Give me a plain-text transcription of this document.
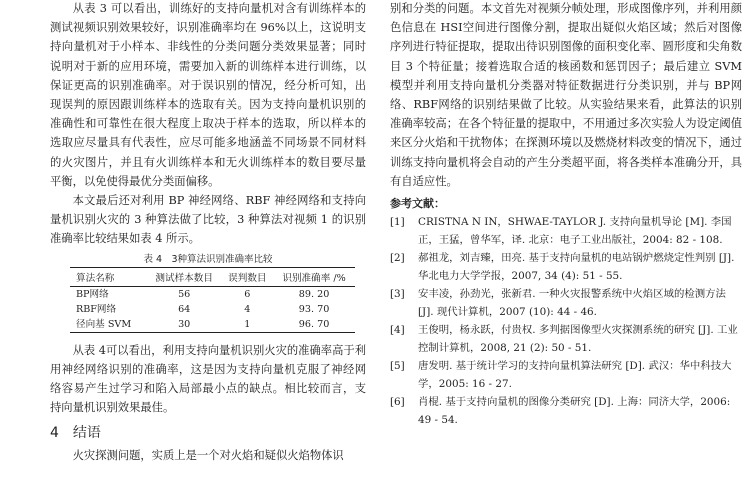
从表 3 可以看出，训练好的支持向量机对含有训练样本的测试视频识别效果较好，识别准确率均在 96%以上，这说明支持向量机对于小样本、非线性的分类问题分类效果显著；同时说明对于新的应用环境，需要加入新的训练样本进行训练，以保证更高的识别准确率。对于误识别的情况，经分析可知，出现误判的原因跟训练样本的选取有关。因为支持向量机识别的准确性和可靠性在很大程度上取决于样本的选取，所以样本的选取应尽量具有代表性，应尽可能多地涵盖不同场景不同材料的火灾图片，并且有火训练样本和无火训练样本的数目要尽量平衡，以免使得最优分类面偏移。

本文最后还对利用 BP 神经网络、RBF 神经网络和支持向量机识别火灾的 3 种算法做了比较，3 种算法对视频 1 的识别准确率比较结果如表 4 所示。

表 4　3种算法识别准确率比较
算法名称	测试样本数目	误判数目	识别准确率 /%
BP网络	56	6	89. 20
RBF网络	64	4	93. 70
径向基 SVM	30	1	96. 70

从表 4可以看出，利用支持向量机识别火灾的准确率高于利用神经网络识别的准确率，这是因为支持向量机克服了神经网络容易产生过学习和陷入局部最小点的缺点。相比较而言，支持向量机识别效果最佳。

4 结语

火灾探测问题，实质上是一个对火焰和疑似火焰物体识

别和分类的问题。本文首先对视频分帧处理，形成图像序列，并利用颜色信息在 HSI空间进行图像分割，提取出疑似火焰区域；然后对图像序列进行特征提取，提取出待识别图像的面积变化率、圆形度和尖角数目 3 个特征量；接着选取合适的核函数和惩罚因子；最后建立 SVM 模型并利用支持向量机分类器对特征数据进行分类识别，并与 BP网络、RBF网络的识别结果做了比较。从实验结果来看，此算法的识别准确率较高；在各个特征量的提取中，不用通过多次实验人为设定阈值来区分火焰和干扰物体；在探测环境以及燃烧材料改变的情况下，通过训练支持向量机将会自动的产生分类超平面，将各类样本准确分开，具有自适应性。

参考文献：
[1]	CRISTNA N IN，SHWAE-TAYLOR J. 支持向量机导论 [M]. 李国正，王猛，曾华军，译. 北京：电子工业出版社，2004: 82 - 108.
[2]	郝祖龙，刘吉臻，田亮. 基于支持向量机的电站锅炉燃烧定性判别 [J]. 华北电力大学学报，2007, 34 (4): 51 - 55.
[3]	安丰凌，孙劲光，张新君. 一种火灾报警系统中火焰区域的检测方法 [J]. 现代计算机，2007 (10): 44 - 46.
[4]	王俊明，杨永跃，付贵权. 多判据图像型火灾探测系统的研究 [J]. 工业控制计算机，2008, 21 (2): 50 - 51.
[5]	唐发明. 基于统计学习的支持向量机算法研究 [D]. 武汉：华中科技大学，2005: 16 - 27.
[6]	肖棍. 基于支持向量机的图像分类研究 [D]. 上海：同济大学，2006: 49 - 54.
